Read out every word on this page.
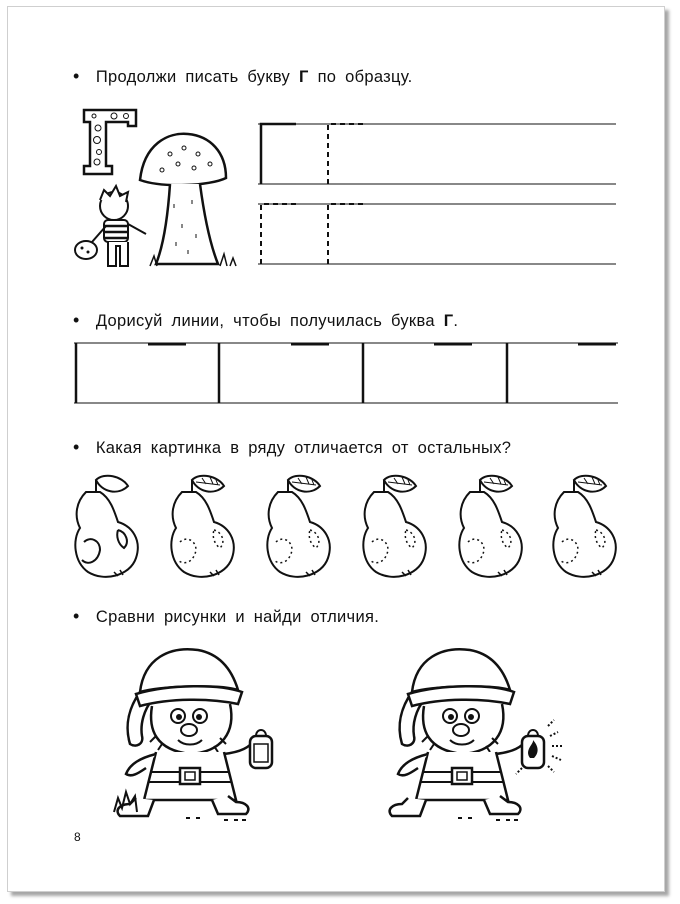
• Продолжи писать букву Г по образцу.
• Дорисуй линии, чтобы получилась буква Г.
• Какая картинка в ряду отличается от остальных?
• Сравни рисунки и найди отличия.
8
